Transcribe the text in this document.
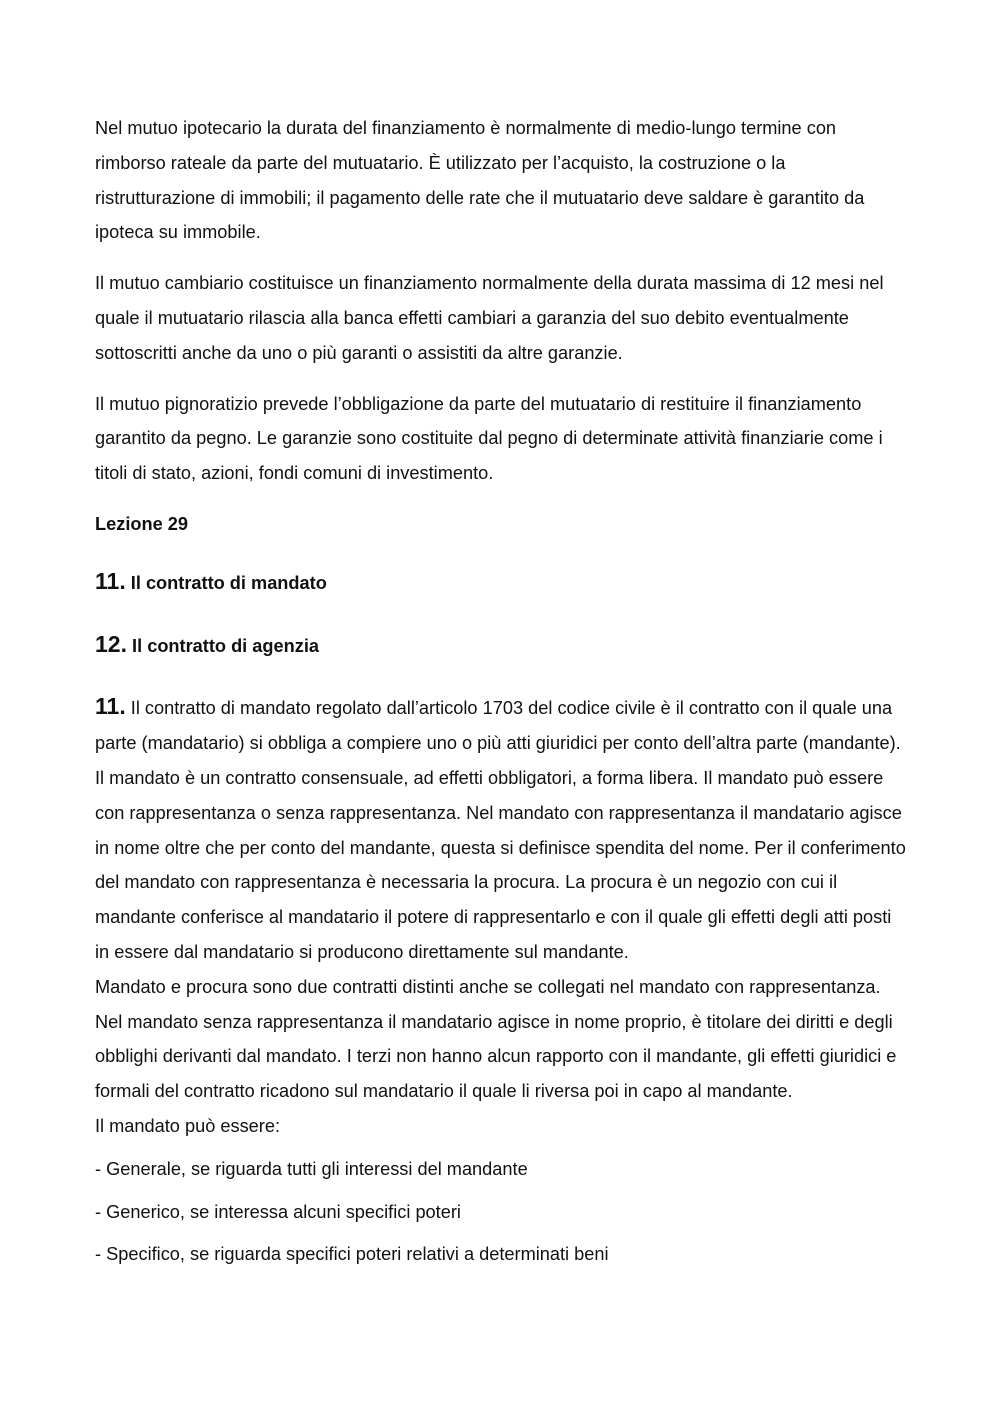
Nel mutuo ipotecario la durata del finanziamento è normalmente di medio-lungo termine con rimborso rateale da parte del mutuatario. È utilizzato per l’acquisto, la costruzione o la ristrutturazione di immobili; il pagamento delle rate che il mutuatario deve saldare è garantito da ipoteca su immobile.

Il mutuo cambiario costituisce un finanziamento normalmente della durata massima di 12 mesi nel quale il mutuatario rilascia alla banca effetti cambiari a garanzia del suo debito eventualmente sottoscritti anche da uno o più garanti o assistiti da altre garanzie.

Il mutuo pignoratizio prevede l’obbligazione da parte del mutuatario di restituire il finanziamento garantito da pegno. Le garanzie sono costituite dal pegno di determinate attività finanziarie come i titoli di stato, azioni, fondi comuni di investimento.

Lezione 29

11. Il contratto di mandato

12. Il contratto di agenzia

11. Il contratto di mandato regolato dall’articolo 1703 del codice civile è il contratto con il quale una parte (mandatario) si obbliga a compiere uno o più atti giuridici per conto dell’altra parte (mandante). Il mandato è un contratto consensuale, ad effetti obbligatori, a forma libera. Il mandato può essere con rappresentanza o senza rappresentanza. Nel mandato con rappresentanza il mandatario agisce in nome oltre che per conto del mandante, questa si definisce spendita del nome. Per il conferimento del mandato con rappresentanza è necessaria la procura. La procura è un negozio con cui il mandante conferisce al mandatario il potere di rappresentarlo e con il quale gli effetti degli atti posti in essere dal mandatario si producono direttamente sul mandante.

Mandato e procura sono due contratti distinti anche se collegati nel mandato con rappresentanza. Nel mandato senza rappresentanza il mandatario agisce in nome proprio, è titolare dei diritti e degli obblighi derivanti dal mandato. I terzi non hanno alcun rapporto con il mandante, gli effetti giuridici e formali del contratto ricadono sul mandatario il quale li riversa poi in capo al mandante.

Il mandato può essere:

- Generale, se riguarda tutti gli interessi del mandante

- Generico, se interessa alcuni specifici poteri

- Specifico, se riguarda specifici poteri relativi a determinati beni
